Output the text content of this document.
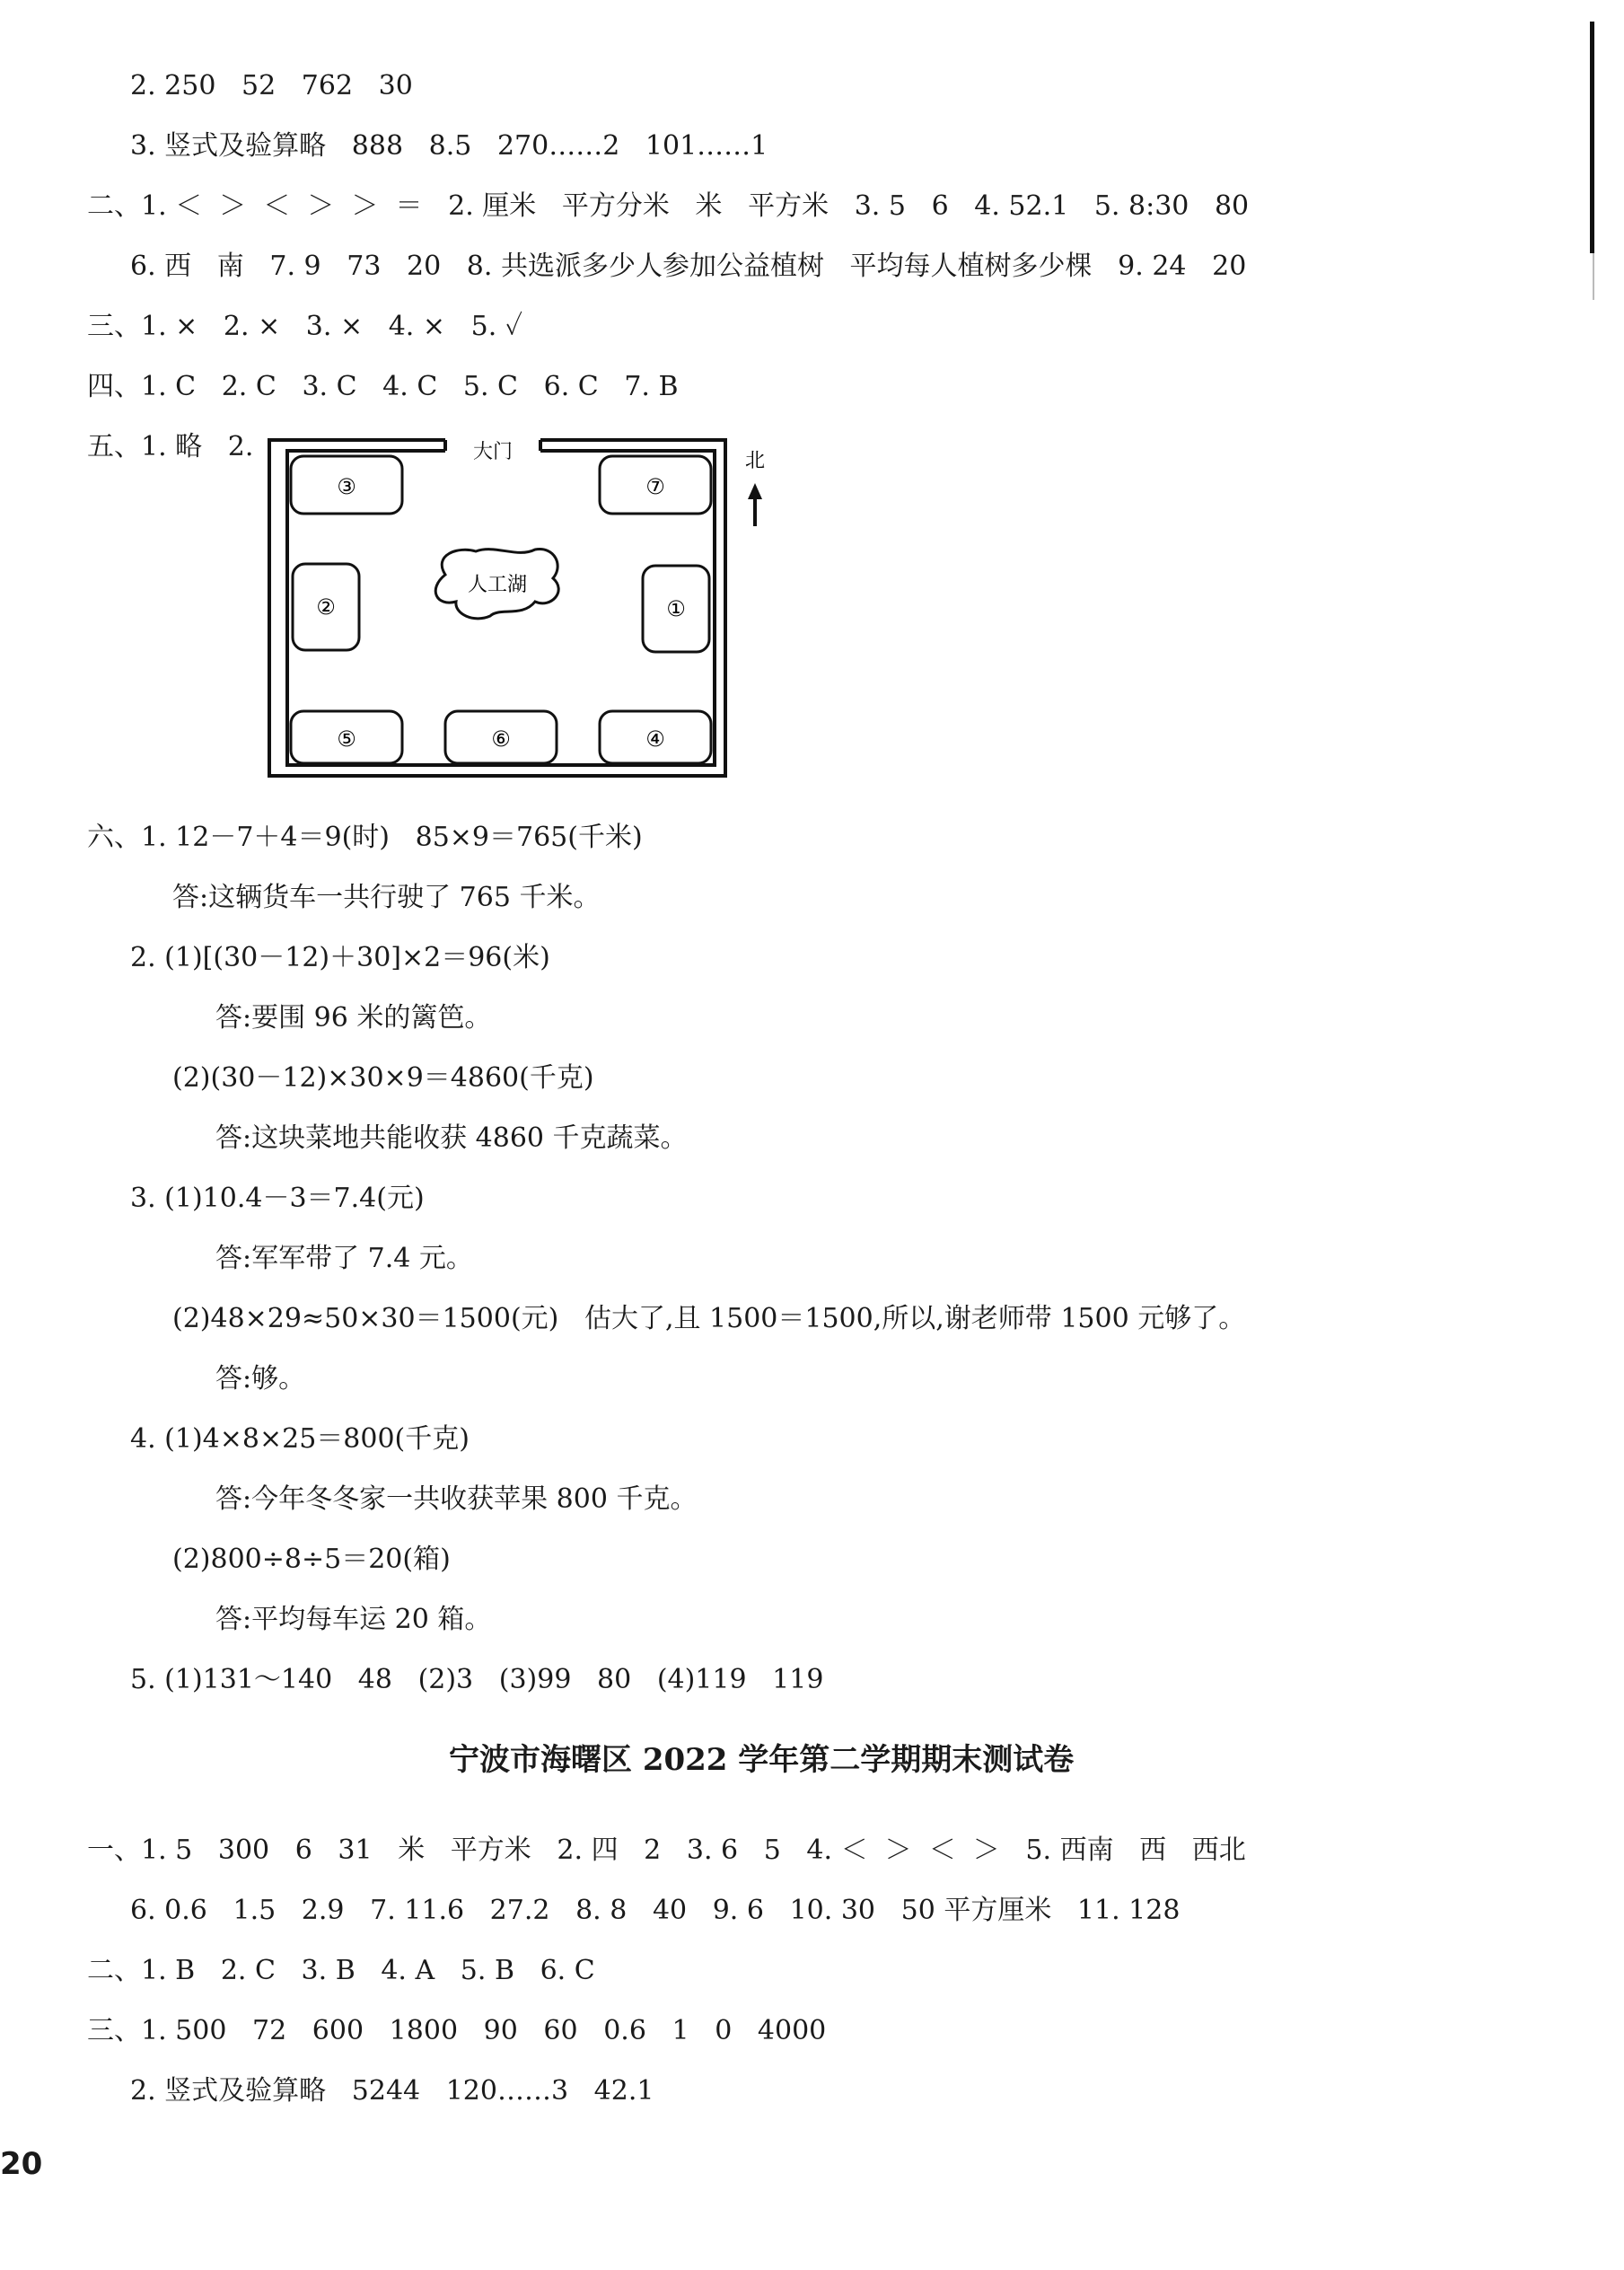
2. 250   52   762   30
3. 竖式及验算略   888   8.5   270……2   101……1
二、1. ＜  ＞  ＜  ＞  ＞  ＝   2. 厘米   平方分米   米   平方米   3. 5   6   4. 52.1   5. 8:30   80
6. 西   南   7. 9   73   20   8. 共选派多少人参加公益植树   平均每人植树多少棵   9. 24   20
三、1. ×   2. ×   3. ×   4. ×   5. ✓
四、1. C   2. C   3. C   4. C   5. C   6. C   7. B
五、1. 略   2.	大门
③	⑦
②	①
⑤	⑥	④
人工湖
北
六、1. 12－7＋4＝9(时)   85×9＝765(千米)
答:这辆货车一共行驶了 765 千米。
2. (1)[(30－12)＋30]×2＝96(米)
答:要围 96 米的篱笆。
(2)(30－12)×30×9＝4860(千克)
答:这块菜地共能收获 4860 千克蔬菜。
3. (1)10.4－3＝7.4(元)
答:军军带了 7.4 元。
(2)48×29≈50×30＝1500(元)   估大了,且 1500＝1500,所以,谢老师带 1500 元够了。
答:够。
4. (1)4×8×25＝800(千克)
答:今年冬冬家一共收获苹果 800 千克。
(2)800÷8÷5＝20(箱)
答:平均每车运 20 箱。
5. (1)131～140   48   (2)3   (3)99   80   (4)119   119
宁波市海曙区 2022 学年第二学期期末测试卷
一、1. 5   300   6   31   米   平方米   2. 四   2   3. 6   5   4. ＜  ＞  ＜  ＞   5. 西南   西   西北
6. 0.6   1.5   2.9   7. 11.6   27.2   8. 8   40   9. 6   10. 30   50 平方厘米   11. 128
二、1. B   2. C   3. B   4. A   5. B   6. C
三、1. 500   72   600   1800   90   60   0.6   1   0   4000
2. 竖式及验算略   5244   120……3   42.1
20
